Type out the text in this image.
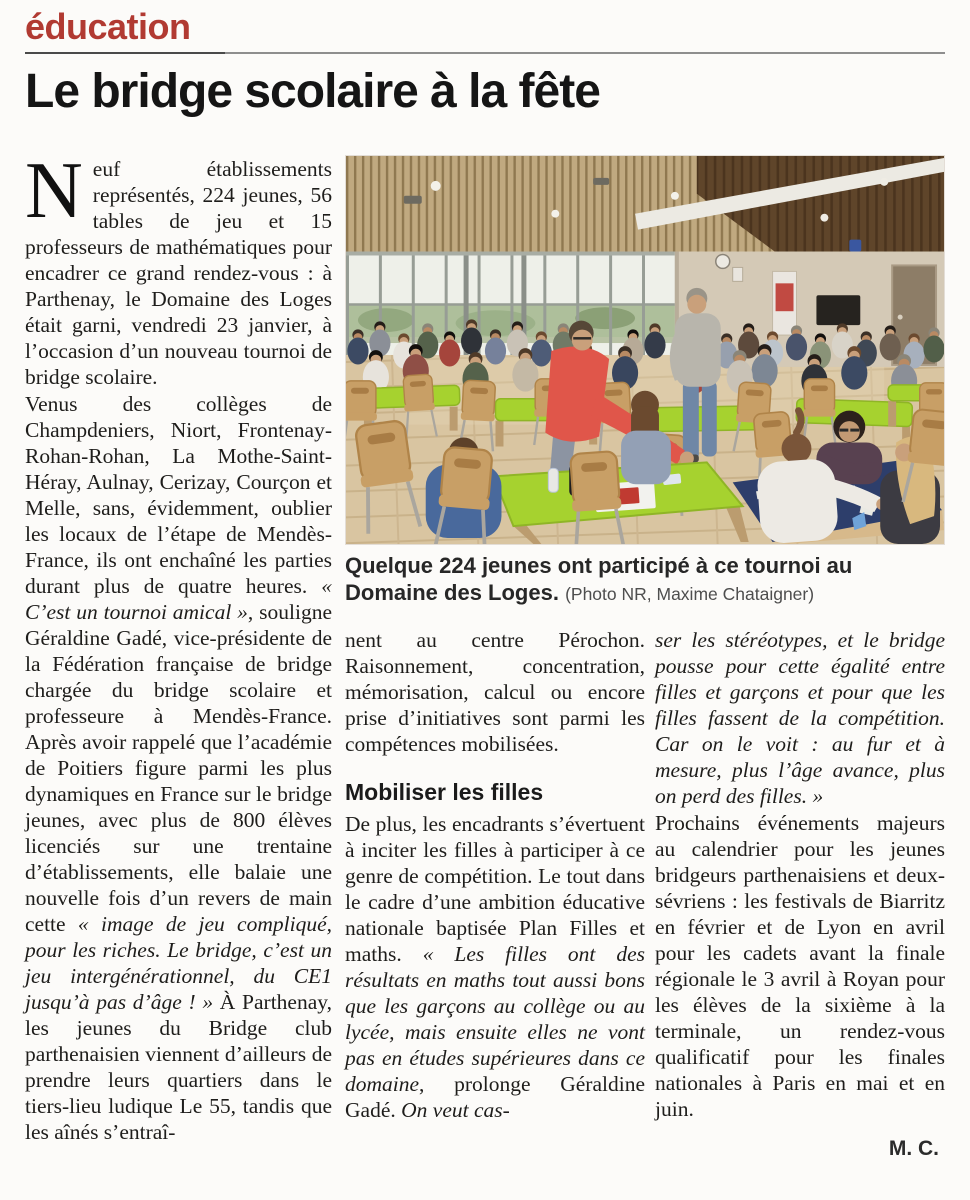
éducation
Le bridge scolaire à la fête
Quelque 224 jeunes ont participé à ce tournoi au Domaine des Loges. (Photo NR, Maxime Chataigner)

Neuf établissements représentés, 224 jeunes, 56 tables de jeu et 15 professeurs de mathématiques pour encadrer ce grand rendez-vous : à Parthenay, le Domaine des Loges était garni, vendredi 23 janvier, à l’occasion d’un nouveau tournoi de bridge scolaire.

Venus des collèges de Champdeniers, Niort, Frontenay-Rohan-Rohan, La Mothe-Saint-Héray, Aulnay, Cerizay, Courçon et Melle, sans, évidemment, oublier les locaux de l’étape de Mendès-France, ils ont enchaîné les parties durant plus de quatre heures. « C’est un tournoi amical », souligne Géraldine Gadé, vice-présidente de la Fédération française de bridge chargée du bridge scolaire et professeure à Mendès-France. Après avoir rappelé que l’académie de Poitiers figure parmi les plus dynamiques en France sur le bridge jeunes, avec plus de 800 élèves licenciés sur une trentaine d’établissements, elle balaie une nouvelle fois d’un revers de main cette « image de jeu compliqué, pour les riches. Le bridge, c’est un jeu intergénérationnel, du CE1 jusqu’à pas d’âge ! » À Parthenay, les jeunes du Bridge club parthenaisien viennent d’ailleurs de prendre leurs quartiers dans le tiers-lieu ludique Le 55, tandis que les aînés s’entraî-

nent au centre Pérochon. Raisonnement, concentration, mémorisation, calcul ou encore prise d’initiatives sont parmi les compétences mobilisées.

Mobiliser les filles

De plus, les encadrants s’évertuent à inciter les filles à participer à ce genre de compétition. Le tout dans le cadre d’une ambition éducative nationale baptisée Plan Filles et maths. « Les filles ont des résultats en maths tout aussi bons que les garçons au collège ou au lycée, mais ensuite elles ne vont pas en études supérieures dans ce domaine, prolonge Géraldine Gadé. On veut cas-

ser les stéréotypes, et le bridge pousse pour cette égalité entre filles et garçons et pour que les filles fassent de la compétition. Car on le voit : au fur et à mesure, plus l’âge avance, plus on perd des filles. »

Prochains événements majeurs au calendrier pour les jeunes bridgeurs parthenaisiens et deux-sévriens : les festivals de Biarritz en février et de Lyon en avril pour les cadets avant la finale régionale le 3 avril à Royan pour les élèves de la sixième à la terminale, un rendez-vous qualificatif pour les finales nationales à Paris en mai et en juin.

M. C.
